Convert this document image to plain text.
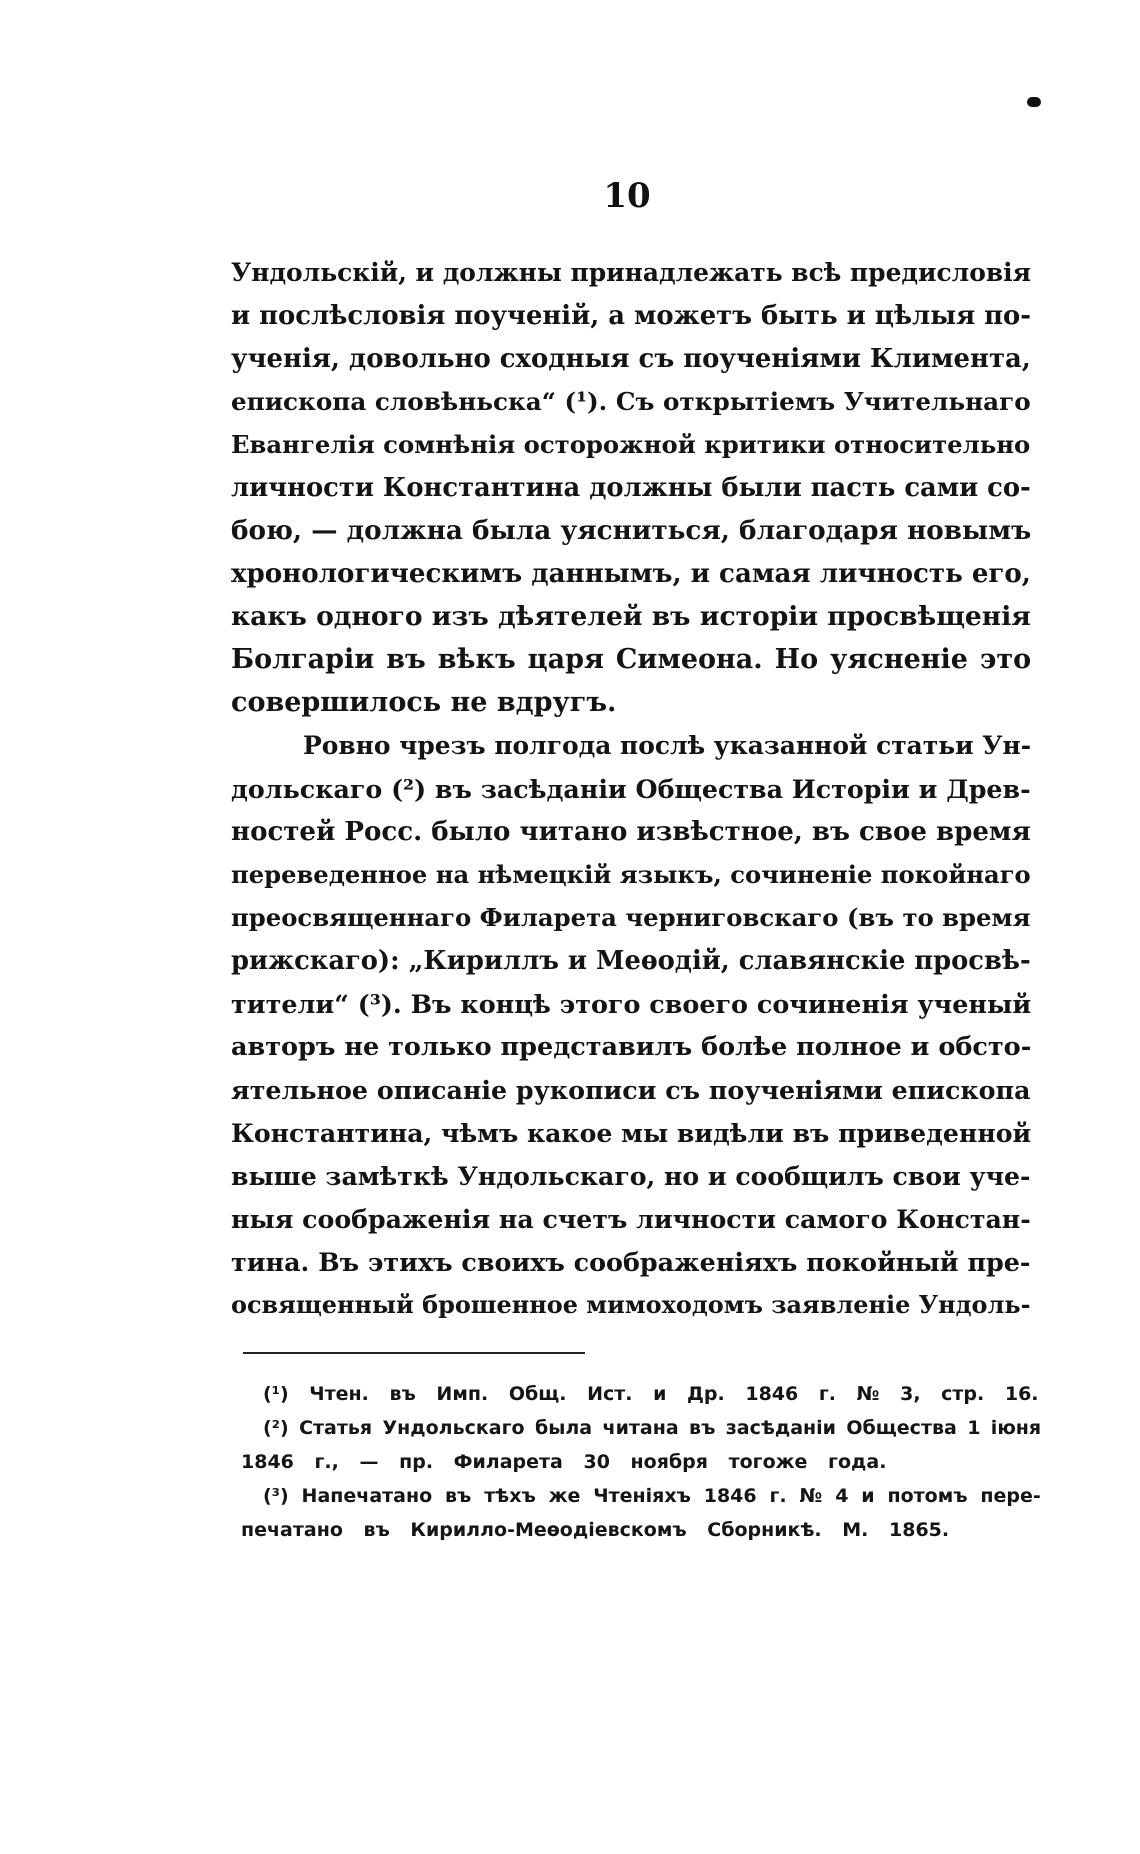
10
Ундольскій, и должны принадлежать всѣ предисловія
и послѣсловія поученій, а можетъ быть и цѣлыя по-
ученія, довольно сходныя съ поученіями Климента,
епископа словѣньска“ (¹). Съ открытіемъ Учительнаго
Евангелія сомнѣнія осторожной критики относительно
личности Константина должны были пасть сами со-
бою, — должна была уясниться, благодаря новымъ
хронологическимъ даннымъ, и самая личность его,
какъ одного изъ дѣятелей въ исторіи просвѣщенія
Болгаріи въ вѣкъ царя Симеона. Но уясненіе это
совершилось не вдругъ.
Ровно чрезъ полгода послѣ указанной статьи Ун-
дольскаго (²) въ засѣданіи Общества Исторіи и Древ-
ностей Росс. было читано извѣстное, въ свое время
переведенное на нѣмецкій языкъ, сочиненіе покойнаго
преосвященнаго Филарета черниговскаго (въ то время
рижскаго): „Кириллъ и Меѳодій, славянскіе просвѣ-
тители“ (³). Въ концѣ этого своего сочиненія ученый
авторъ не только представилъ болѣе полное и обсто-
ятельное описаніе рукописи съ поученіями епископа
Константина, чѣмъ какое мы видѣли въ приведенной
выше замѣткѣ Ундольскаго, но и сообщилъ свои уче-
ныя соображенія на счетъ личности самого Констан-
тина. Въ этихъ своихъ соображеніяхъ покойный пре-
освященный брошенное мимоходомъ заявленіе Ундоль-
(¹) Чтен. въ Имп. Общ. Ист. и Др. 1846 г. № 3, стр. 16.
(²) Статья Ундольскаго была читана въ засѣданіи Общества 1 іюня
1846 г., — пр. Филарета 30 ноября тогоже года.
(³) Напечатано въ тѣхъ же Чтеніяхъ 1846 г. № 4 и потомъ пере-
печатано въ Кирилло-Меѳодіевскомъ Сборникѣ. М. 1865.
